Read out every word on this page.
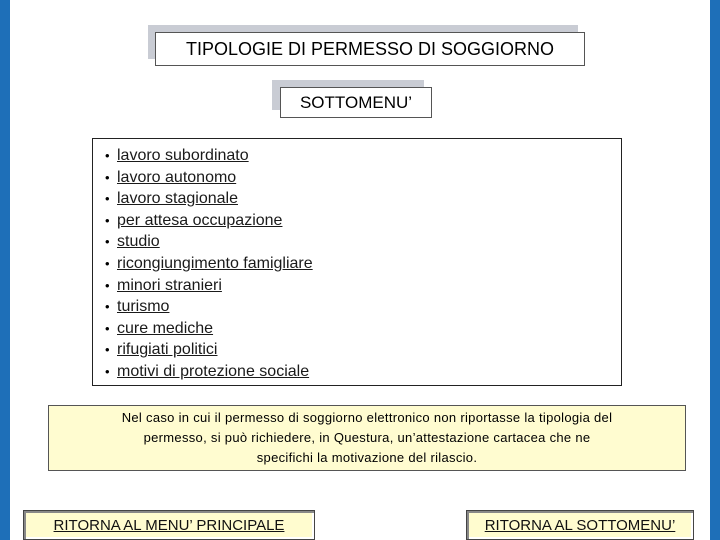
TIPOLOGIE DI PERMESSO DI SOGGIORNO
SOTTOMENU’
• lavoro subordinato
• lavoro autonomo
• lavoro stagionale
• per attesa occupazione
• studio
• ricongiungimento famigliare
• minori stranieri
• turismo
• cure mediche
• rifugiati politici
• motivi di protezione sociale

Nel caso in cui il permesso di soggiorno elettronico non riportasse la tipologia del

permesso, si può richiedere, in Questura, un’attestazione cartacea che ne

specifichi la motivazione del rilascio.

RITORNA AL MENU’ PRINCIPALE	RITORNA AL SOTTOMENU’
